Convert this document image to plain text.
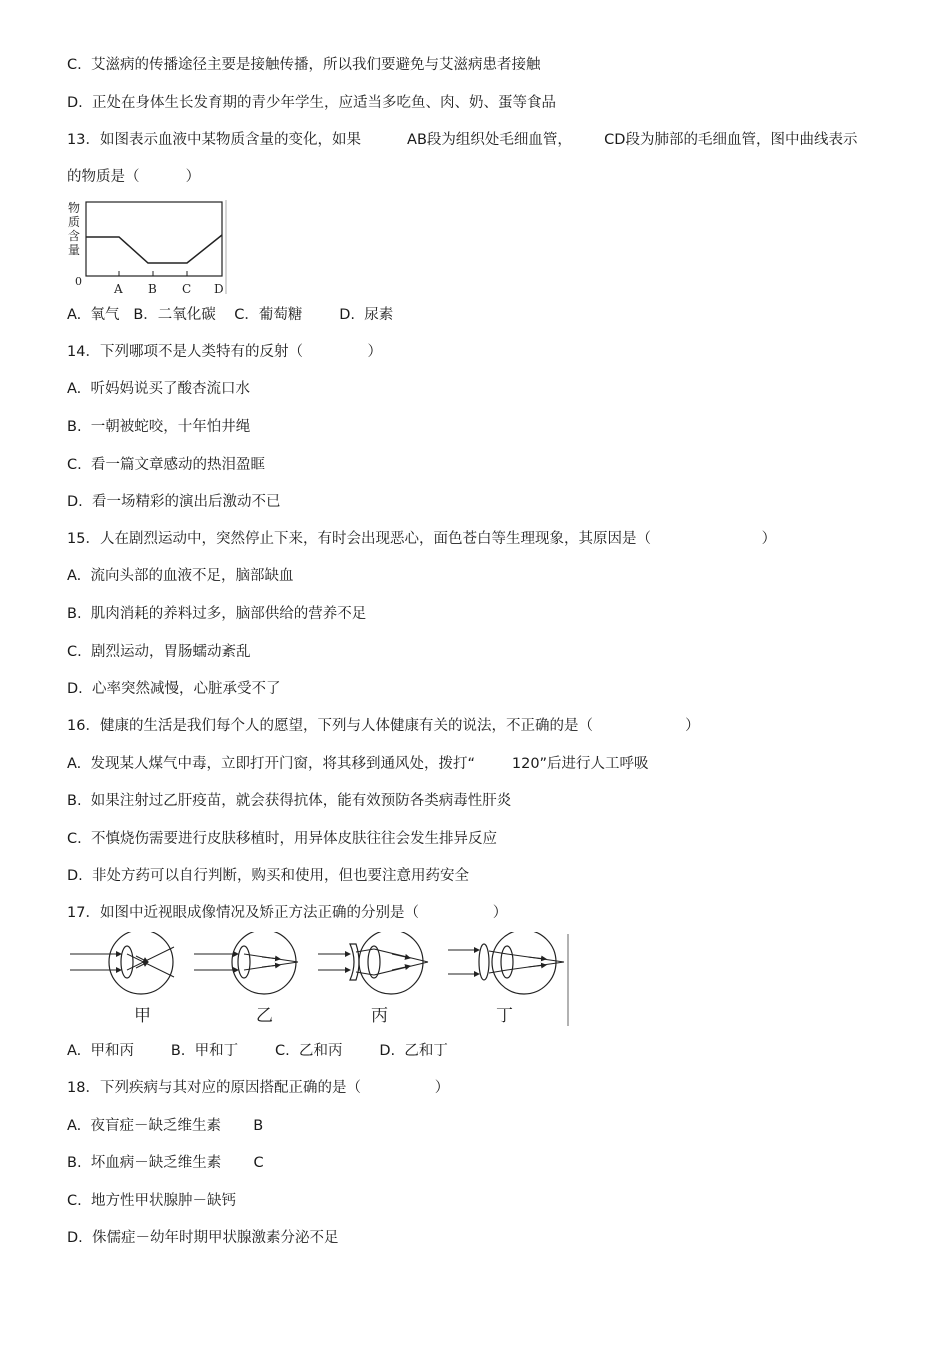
C.  艾滋病的传播途径主要是接触传播，所以我们要避免与艾滋病患者接触
D.  正处在身体生长发育期的青少年学生，应适当多吃鱼、肉、奶、蛋等食品
13．如图表示血液中某物质含量的变化，如果          AB段为组织处毛细血管，       CD段为肺部的毛细血管，图中曲线表示
的物质是（          ）
物
质
含
量
0
A B C D
A.  氧气   B．二氧化碳    C．葡萄糖        D.  尿素
14．下列哪项不是人类特有的反射（              ）
A.  听妈妈说买了酸杏流口水
B.  一朝被蛇咬，十年怕井绳
C.  看一篇文章感动的热泪盈眶
D.  看一场精彩的演出后激动不已
15．人在剧烈运动中，突然停止下来，有时会出现恶心，面色苍白等生理现象，其原因是（                        ）
A.  流向头部的血液不足，脑部缺血
B.  肌肉消耗的养料过多，脑部供给的营养不足
C.  剧烈运动，胃肠蠕动紊乱
D.  心率突然减慢，心脏承受不了
16．健康的生活是我们每个人的愿望，下列与人体健康有关的说法，不正确的是（                    ）
A.  发现某人煤气中毒，立即打开门窗，将其移到通风处，拨打“        120”后进行人工呼吸
B.  如果注射过乙肝疫苗，就会获得抗体，能有效预防各类病毒性肝炎
C.  不慎烧伤需要进行皮肤移植时，用异体皮肤往往会发生排异反应
D.  非处方药可以自行判断，购买和使用，但也要注意用药安全
17．如图中近视眼成像情况及矫正方法正确的分别是（                ）
甲	乙	丙	丁
A.  甲和丙        B.  甲和丁        C.  乙和丙        D.  乙和丁
18．下列疾病与其对应的原因搭配正确的是（                ）
A.  夜盲症－缺乏维生素       B
B.  坏血病－缺乏维生素       C
C.  地方性甲状腺肿－缺钙
D.  侏儒症－幼年时期甲状腺激素分泌不足
